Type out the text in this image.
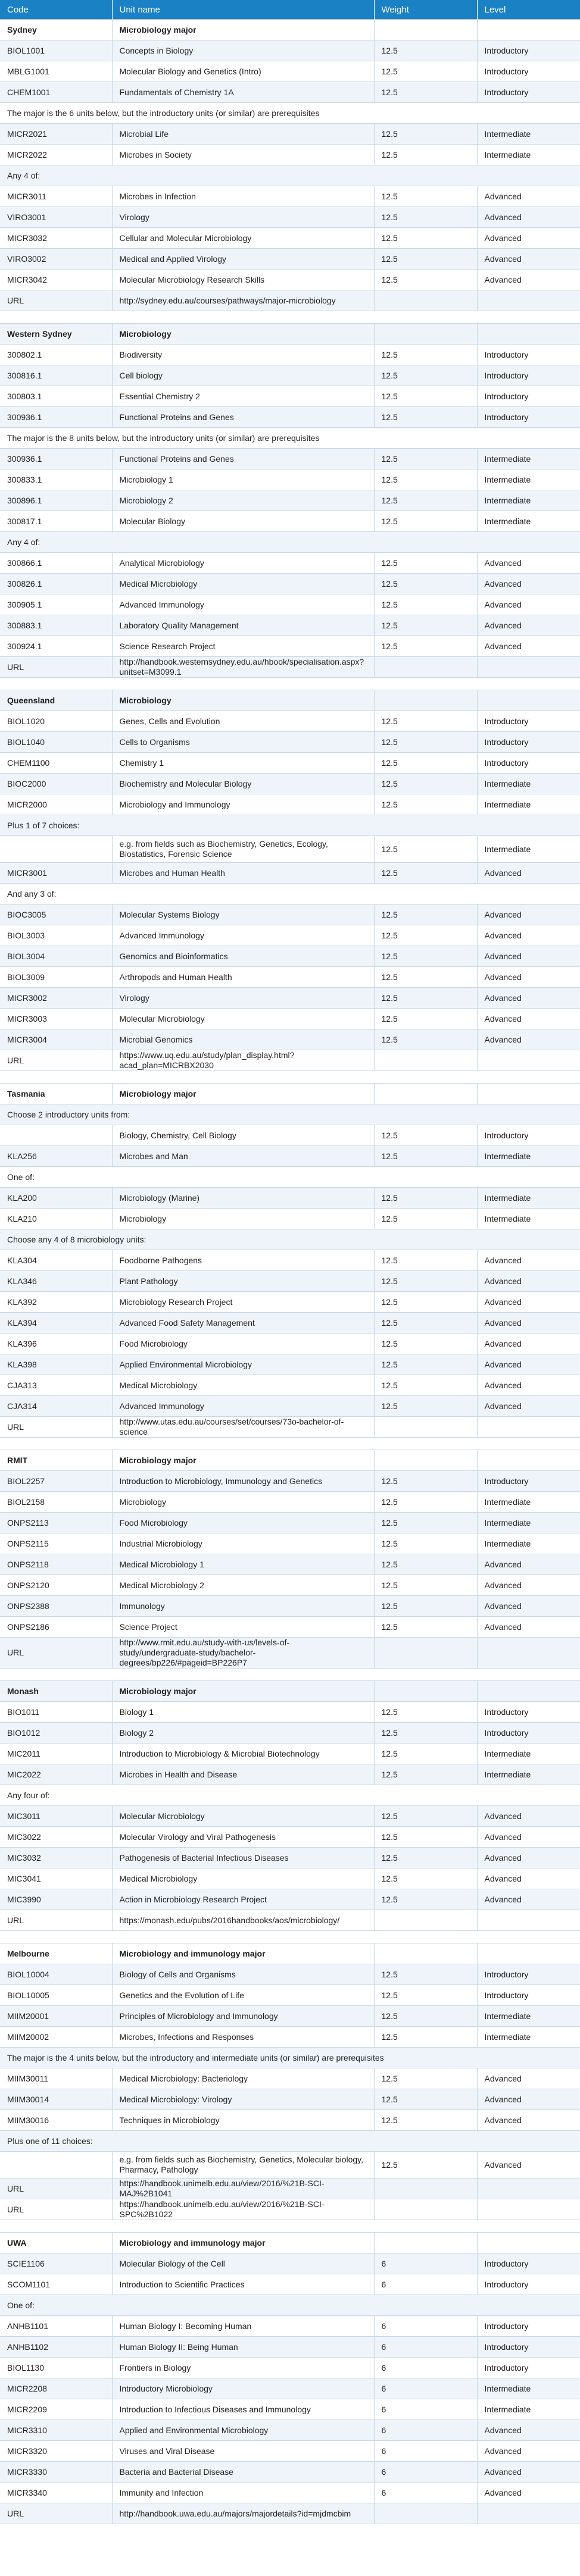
Code	Unit name	Weight	Level
Sydney	Microbiology major		
BIOL1001	Concepts in Biology	12.5	Introductory
MBLG1001	Molecular Biology and Genetics (Intro)	12.5	Introductory
CHEM1001	Fundamentals of Chemistry 1A	12.5	Introductory
The major is the 6 units below, but the introductory units (or similar) are prerequisites			
MICR2021	Microbial Life	12.5	Intermediate
MICR2022	Microbes in Society	12.5	Intermediate
Any 4 of:			
MICR3011	Microbes in Infection	12.5	Advanced
VIRO3001	Virology	12.5	Advanced
MICR3032	Cellular and Molecular Microbiology	12.5	Advanced
VIRO3002	Medical and Applied Virology	12.5	Advanced
MICR3042	Molecular Microbiology Research Skills	12.5	Advanced
URL	http://sydney.edu.au/courses/pathways/major-microbiology		

Western Sydney	Microbiology		
300802.1	Biodiversity	12.5	Introductory
300816.1	Cell biology	12.5	Introductory
300803.1	Essential Chemistry 2	12.5	Introductory
300936.1	Functional Proteins and Genes	12.5	Introductory
The major is the 8 units below, but the introductory units (or similar) are prerequisites			
300936.1	Functional Proteins and Genes	12.5	Intermediate
300833.1	Microbiology 1	12.5	Intermediate
300896.1	Microbiology 2	12.5	Intermediate
300817.1	Molecular Biology	12.5	Intermediate
Any 4 of:			
300866.1	Analytical Microbiology	12.5	Advanced
300826.1	Medical Microbiology	12.5	Advanced
300905.1	Advanced Immunology	12.5	Advanced
300883.1	Laboratory Quality Management	12.5	Advanced
300924.1	Science Research Project	12.5	Advanced
URL	http://handbook.westernsydney.edu.au/hbook/specialisation.aspx?unitset=M3099.1		

Queensland	Microbiology		
BIOL1020	Genes, Cells and Evolution	12.5	Introductory
BIOL1040	Cells to Organisms	12.5	Introductory
CHEM1100	Chemistry 1	12.5	Introductory
BIOC2000	Biochemistry and Molecular Biology	12.5	Intermediate
MICR2000	Microbiology and Immunology	12.5	Intermediate
Plus 1 of 7 choices:			
	e.g. from fields such as Biochemistry, Genetics, Ecology, Biostatistics, Forensic Science	12.5	Intermediate
MICR3001	Microbes and Human Health	12.5	Advanced
And any 3 of:			
BIOC3005	Molecular Systems Biology	12.5	Advanced
BIOL3003	Advanced Immunology	12.5	Advanced
BIOL3004	Genomics and Bioinformatics	12.5	Advanced
BIOL3009	Arthropods and Human Health	12.5	Advanced
MICR3002	Virology	12.5	Advanced
MICR3003	Molecular Microbiology	12.5	Advanced
MICR3004	Microbial Genomics	12.5	Advanced
URL	https://www.uq.edu.au/study/plan_display.html?acad_plan=MICRBX2030		

Tasmania	Microbiology major		
Choose 2 introductory units from:			
	Biology, Chemistry, Cell Biology	12.5	Introductory
KLA256	Microbes and Man	12.5	Intermediate
One of:			
KLA200	Microbiology (Marine)	12.5	Intermediate
KLA210	Microbiology	12.5	Intermediate
Choose any 4 of 8 microbiology units:			
KLA304	Foodborne Pathogens	12.5	Advanced
KLA346	Plant Pathology	12.5	Advanced
KLA392	Microbiology Research Project	12.5	Advanced
KLA394	Advanced Food Safety Management	12.5	Advanced
KLA396	Food Microbiology	12.5	Advanced
KLA398	Applied Environmental Microbiology	12.5	Advanced
CJA313	Medical Microbiology	12.5	Advanced
CJA314	Advanced Immunology	12.5	Advanced
URL	http://www.utas.edu.au/courses/set/courses/73o-bachelor-of-science		

RMIT	Microbiology major		
BIOL2257	Introduction to Microbiology, Immunology and Genetics	12.5	Introductory
BIOL2158	Microbiology	12.5	Intermediate
ONPS2113	Food Microbiology	12.5	Intermediate
ONPS2115	Industrial Microbiology	12.5	Intermediate
ONPS2118	Medical Microbiology 1	12.5	Advanced
ONPS2120	Medical Microbiology 2	12.5	Advanced
ONPS2388	Immunology	12.5	Advanced
ONPS2186	Science Project	12.5	Advanced
URL	http://www.rmit.edu.au/study-with-us/levels-of-study/undergraduate-study/bachelor-degrees/bp226/#pageid=BP226P7		

Monash	Microbiology major		
BIO1011	Biology 1	12.5	Introductory
BIO1012	Biology 2	12.5	Introductory
MIC2011	Introduction to Microbiology & Microbial Biotechnology	12.5	Intermediate
MIC2022	Microbes in Health and Disease	12.5	Intermediate
Any four of:			
MIC3011	Molecular Microbiology	12.5	Advanced
MIC3022	Molecular Virology and Viral Pathogenesis	12.5	Advanced
MIC3032	Pathogenesis of Bacterial Infectious Diseases	12.5	Advanced
MIC3041	Medical Microbiology	12.5	Advanced
MIC3990	Action in Microbiology Research Project	12.5	Advanced
URL	https://monash.edu/pubs/2016handbooks/aos/microbiology/		

Melbourne	Microbiology and immunology major		
BIOL10004	Biology of Cells and Organisms	12.5	Introductory
BIOL10005	Genetics and the Evolution of Life	12.5	Introductory
MIIM20001	Principles of Microbiology and Immunology	12.5	Intermediate
MIIM20002	Microbes, Infections and Responses	12.5	Intermediate
The major is the 4 units below, but the introductory and intermediate units (or similar) are prerequisites			
MIIM30011	Medical Microbiology: Bacteriology	12.5	Advanced
MIIM30014	Medical Microbiology: Virology	12.5	Advanced
MIIM30016	Techniques in Microbiology	12.5	Advanced
Plus one of 11 choices:			
	e.g. from fields such as Biochemistry, Genetics, Molecular biology, Pharmacy, Pathology	12.5	Advanced
URL	https://handbook.unimelb.edu.au/view/2016/%21B-SCI-MAJ%2B1041		
URL	https://handbook.unimelb.edu.au/view/2016/%21B-SCI-SPC%2B1022		

UWA	Microbiology and immunology major		
SCIE1106	Molecular Biology of the Cell	6	Introductory
SCOM1101	Introduction to Scientific Practices	6	Introductory
One of:			
ANHB1101	Human Biology I: Becoming Human	6	Introductory
ANHB1102	Human Biology II: Being Human	6	Introductory
BIOL1130	Frontiers in Biology	6	Introductory
MICR2208	Introductory Microbiology	6	Intermediate
MICR2209	Introduction to Infectious Diseases and Immunology	6	Intermediate
MICR3310	Applied and Environmental Microbiology	6	Advanced
MICR3320	Viruses and Viral Disease	6	Advanced
MICR3330	Bacteria and Bacterial Disease	6	Advanced
MICR3340	Immunity and Infection	6	Advanced
URL	http://handbook.uwa.edu.au/majors/majordetails?id=mjdmcbim		
